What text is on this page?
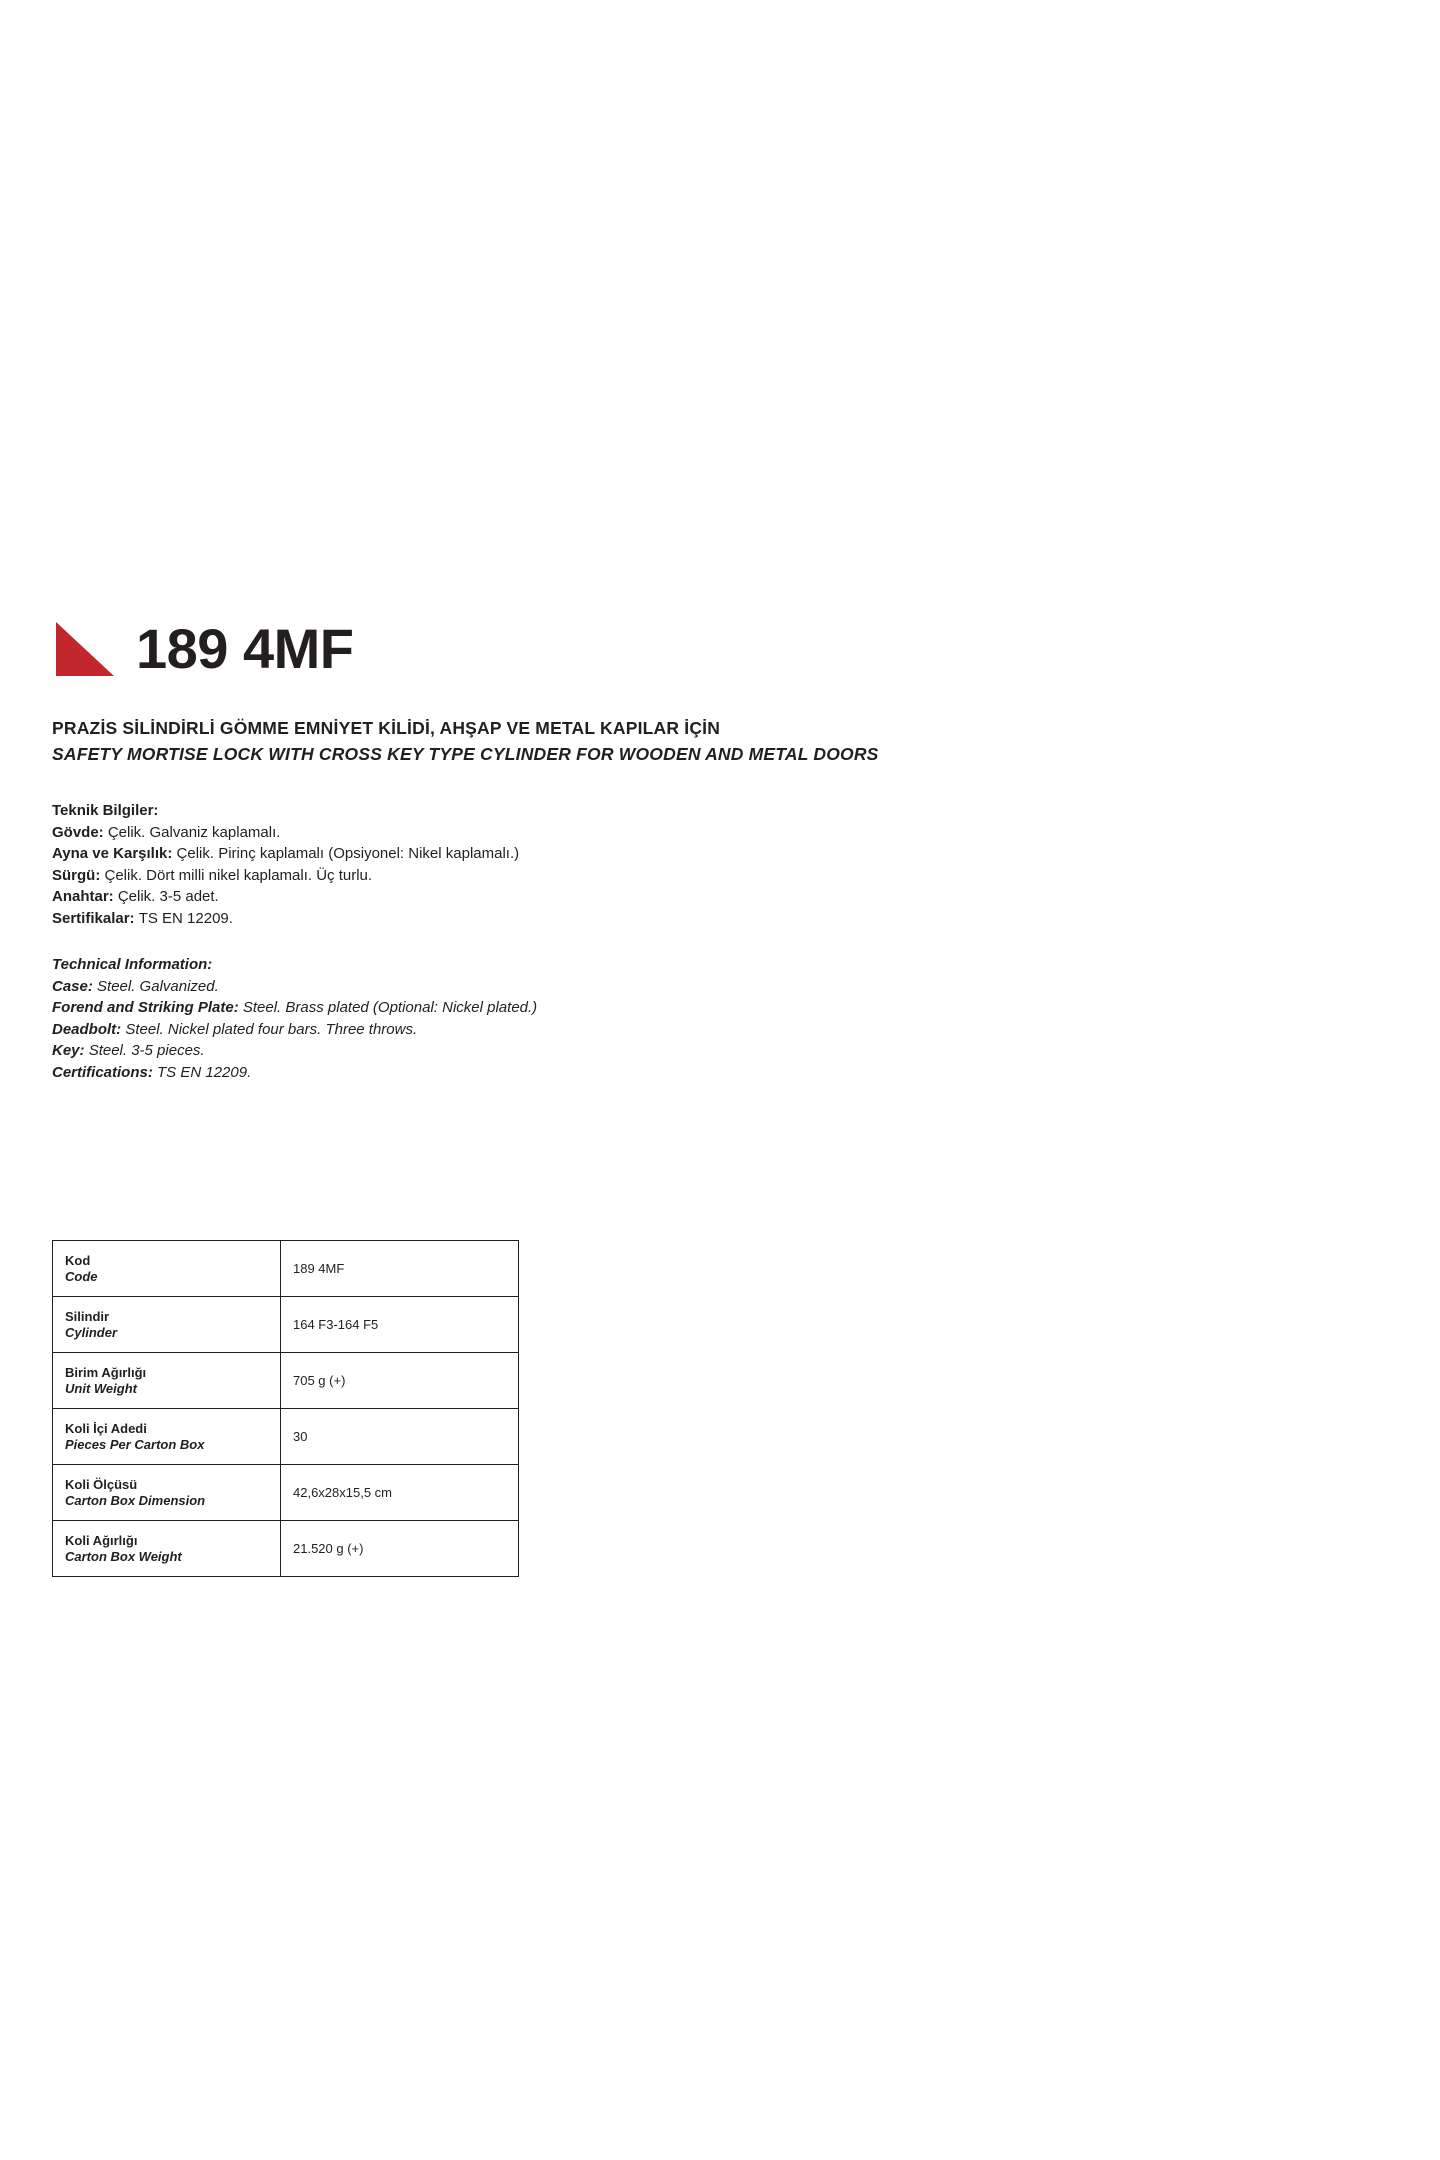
189 4MF
PRAZİS SİLİNDİRLİ GÖMME EMNİYET KİLİDİ, AHŞAP VE METAL KAPILAR İÇİN
SAFETY MORTISE LOCK WITH CROSS KEY TYPE CYLINDER FOR WOODEN AND METAL DOORS
Teknik Bilgiler:
Gövde: Çelik. Galvaniz kaplamalı.
Ayna ve Karşılık: Çelik. Pirinç kaplamalı (Opsiyonel: Nikel kaplamalı.)
Sürgü: Çelik. Dört milli nikel kaplamalı. Üç turlu.
Anahtar: Çelik. 3-5 adet.
Sertifikalar: TS EN 12209.
Technical Information:
Case: Steel. Galvanized.
Forend and Striking Plate: Steel. Brass plated (Optional: Nickel plated.)
Deadbolt: Steel. Nickel plated four bars. Three throws.
Key: Steel. 3-5 pieces.
Certifications: TS EN 12209.
Kod
Code	189 4MF

Silindir
Cylinder	164 F3-164 F5

Birim Ağırlığı
Unit Weight	705 g (+)

Koli İçi Adedi
Pieces Per Carton Box	30

Koli Ölçüsü
Carton Box Dimension	42,6x28x15,5 cm

Koli Ağırlığı
Carton Box Weight	21.520 g (+)
